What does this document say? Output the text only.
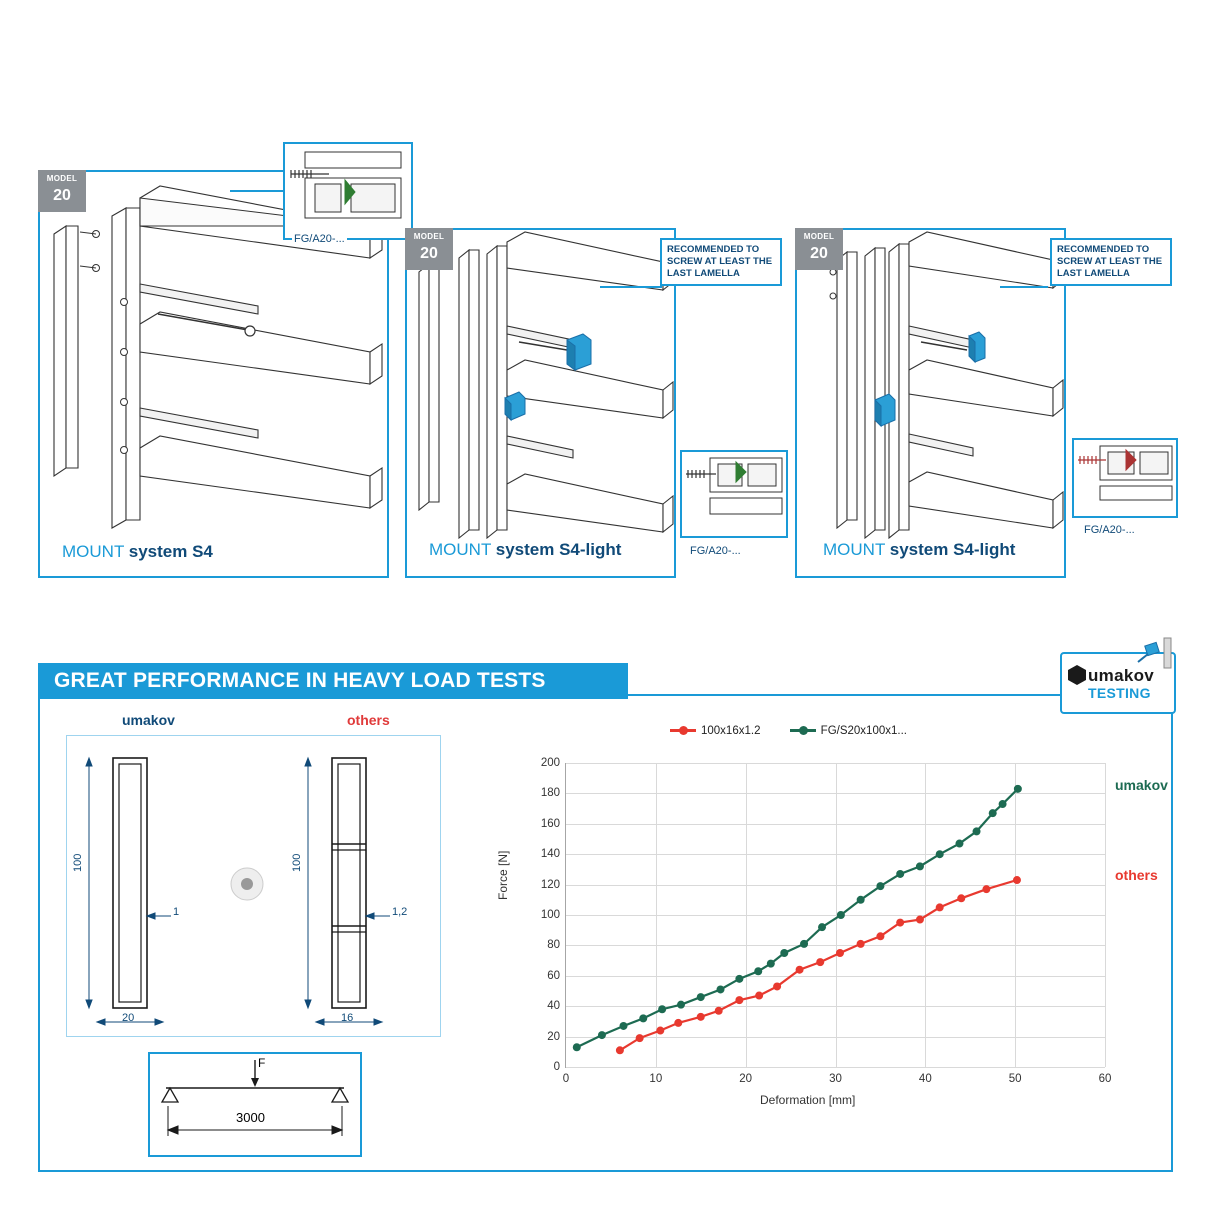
MODEL
20
MOUNT system S4
FG/A20-...	MODEL
20
MOUNT system S4-light
RECOMMENDED TO SCREW AT LEAST THE LAST LAMELLA
FG/A20-...
MODEL
20
MOUNT system S4-light
RECOMMENDED TO SCREW AT LEAST THE LAST LAMELLA
FG/A20-...
GREAT PERFORMANCE IN HEAVY LOAD TESTS	umakov
TESTING
umakov	others
100	100
1	1,2
20	16
F
3000
100x16x1.2	FG/S20x100x1...
0
20
40
60
80
100
120
140
160
180
200
0	10	20	30	40	50	60
Force [N]
Deformation [mm]
umakov
others
